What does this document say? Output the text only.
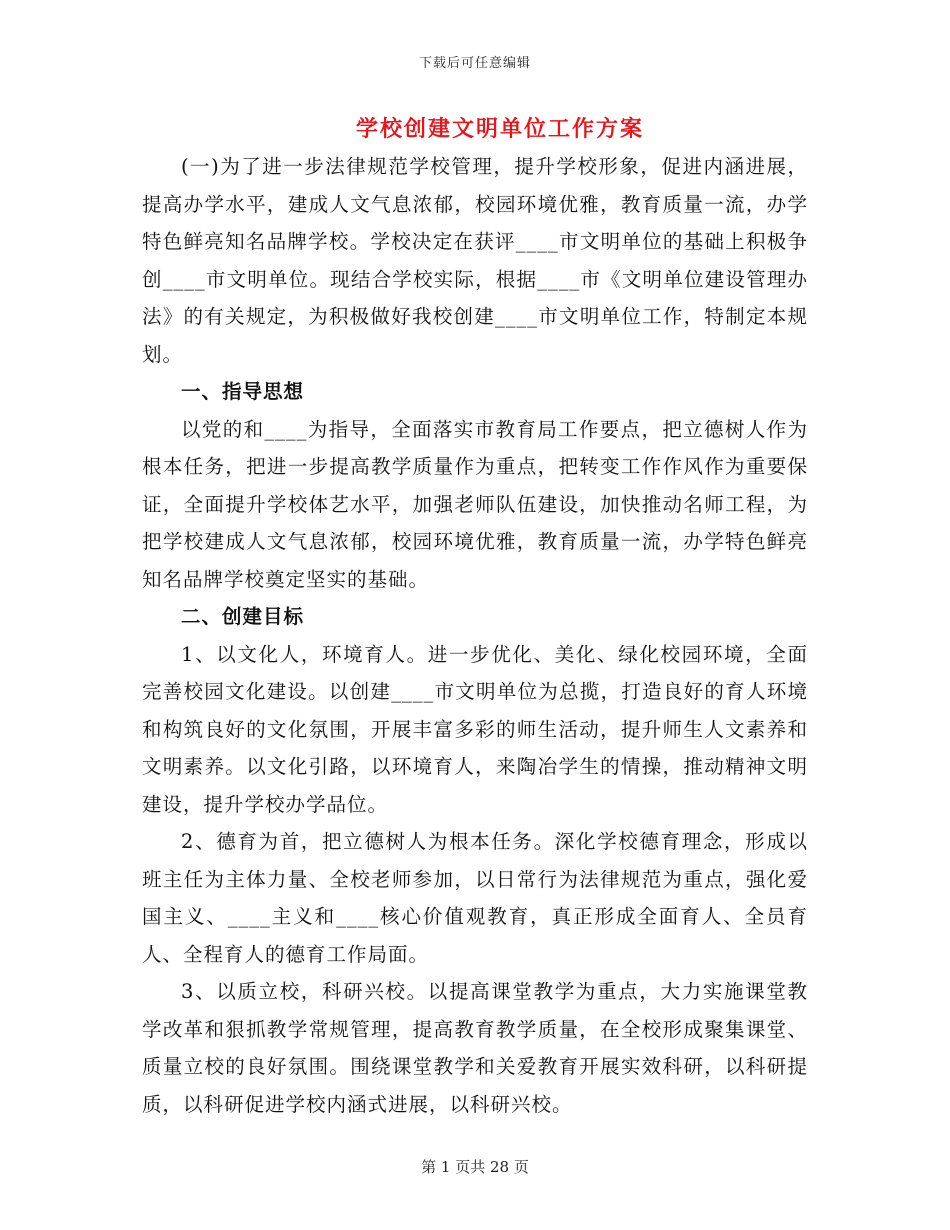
下载后可任意编辑
学校创建文明单位工作方案

(一)为了进一步法律规范学校管理，提升学校形象，促进内涵进展，提高办学水平，建成人文气息浓郁，校园环境优雅，教育质量一流，办学特色鲜亮知名品牌学校。学校决定在获评____市文明单位的基础上积极争创____市文明单位。现结合学校实际，根据____市《文明单位建设管理办法》的有关规定，为积极做好我校创建____市文明单位工作，特制定本规划。

一、指导思想

以党的和____为指导，全面落实市教育局工作要点，把立德树人作为根本任务，把进一步提高教学质量作为重点，把转变工作作风作为重要保证，全面提升学校体艺水平，加强老师队伍建设，加快推动名师工程，为把学校建成人文气息浓郁，校园环境优雅，教育质量一流，办学特色鲜亮知名品牌学校奠定坚实的基础。

二、创建目标

1、以文化人，环境育人。进一步优化、美化、绿化校园环境，全面完善校园文化建设。以创建____市文明单位为总揽，打造良好的育人环境和构筑良好的文化氛围，开展丰富多彩的师生活动，提升师生人文素养和文明素养。以文化引路，以环境育人，来陶冶学生的情操，推动精神文明建设，提升学校办学品位。

2、德育为首，把立德树人为根本任务。深化学校德育理念，形成以班主任为主体力量、全校老师参加，以日常行为法律规范为重点，强化爱国主义、____主义和____核心价值观教育，真正形成全面育人、全员育人、全程育人的德育工作局面。

3、以质立校，科研兴校。以提高课堂教学为重点，大力实施课堂教学改革和狠抓教学常规管理，提高教育教学质量，在全校形成聚集课堂、质量立校的良好氛围。围绕课堂教学和关爱教育开展实效科研，以科研提质，以科研促进学校内涵式进展，以科研兴校。

第 1 页共 28 页
